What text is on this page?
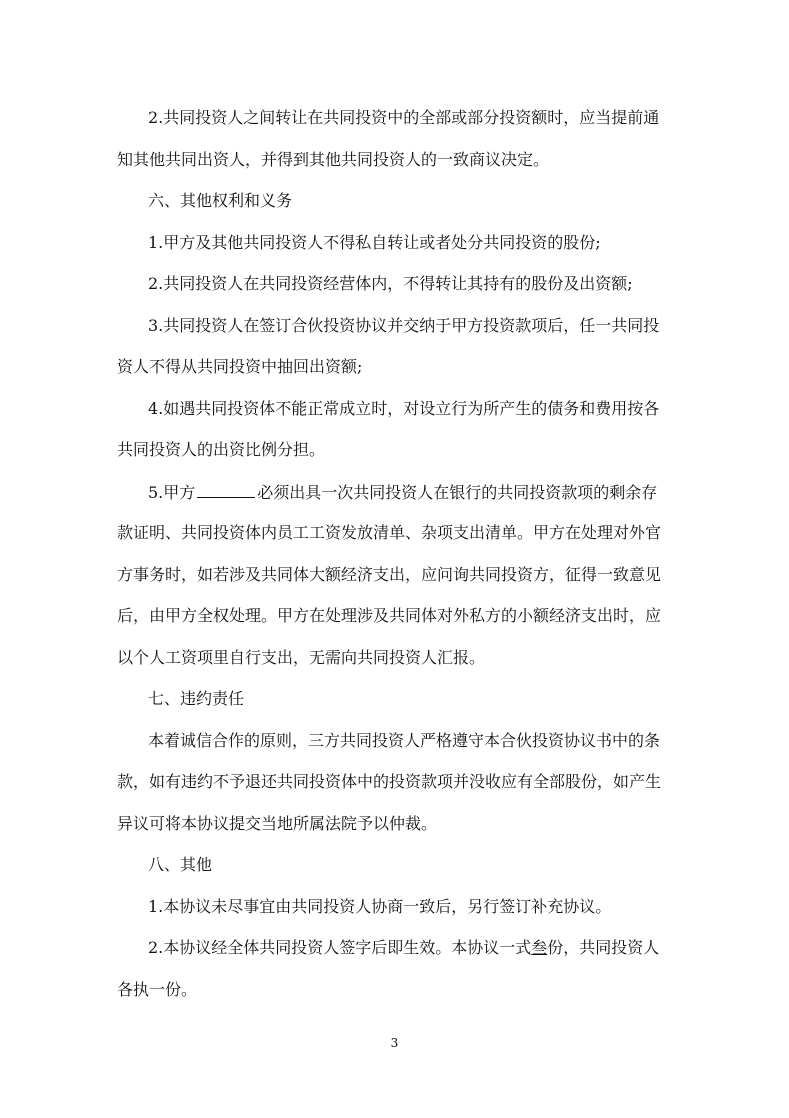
2.共同投资人之间转让在共同投资中的全部或部分投资额时，应当提前通
知其他共同出资人，并得到其他共同投资人的一致商议决定。
六、其他权利和义务
1.甲方及其他共同投资人不得私自转让或者处分共同投资的股份;
2.共同投资人在共同投资经营体内，不得转让其持有的股份及出资额;
3.共同投资人在签订合伙投资协议并交纳于甲方投资款项后，任一共同投
资人不得从共同投资中抽回出资额;
4.如遇共同投资体不能正常成立时，对设立行为所产生的债务和费用按各
共同投资人的出资比例分担。
5.甲方	必须出具一次共同投资人在银行的共同投资款项的剩余存
款证明、共同投资体内员工工资发放清单、杂项支出清单。甲方在处理对外官
方事务时，如若涉及共同体大额经济支出，应问询共同投资方，征得一致意见
后，由甲方全权处理。甲方在处理涉及共同体对外私方的小额经济支出时，应
以个人工资项里自行支出，无需向共同投资人汇报。
七、违约责任
本着诚信合作的原则，三方共同投资人严格遵守本合伙投资协议书中的条
款，如有违约不予退还共同投资体中的投资款项并没收应有全部股份，如产生
异议可将本协议提交当地所属法院予以仲裁。
八、其他
1.本协议未尽事宜由共同投资人协商一致后，另行签订补充协议。
2.本协议经全体共同投资人签字后即生效。本协议一式叁份，共同投资人
各执一份。
3
